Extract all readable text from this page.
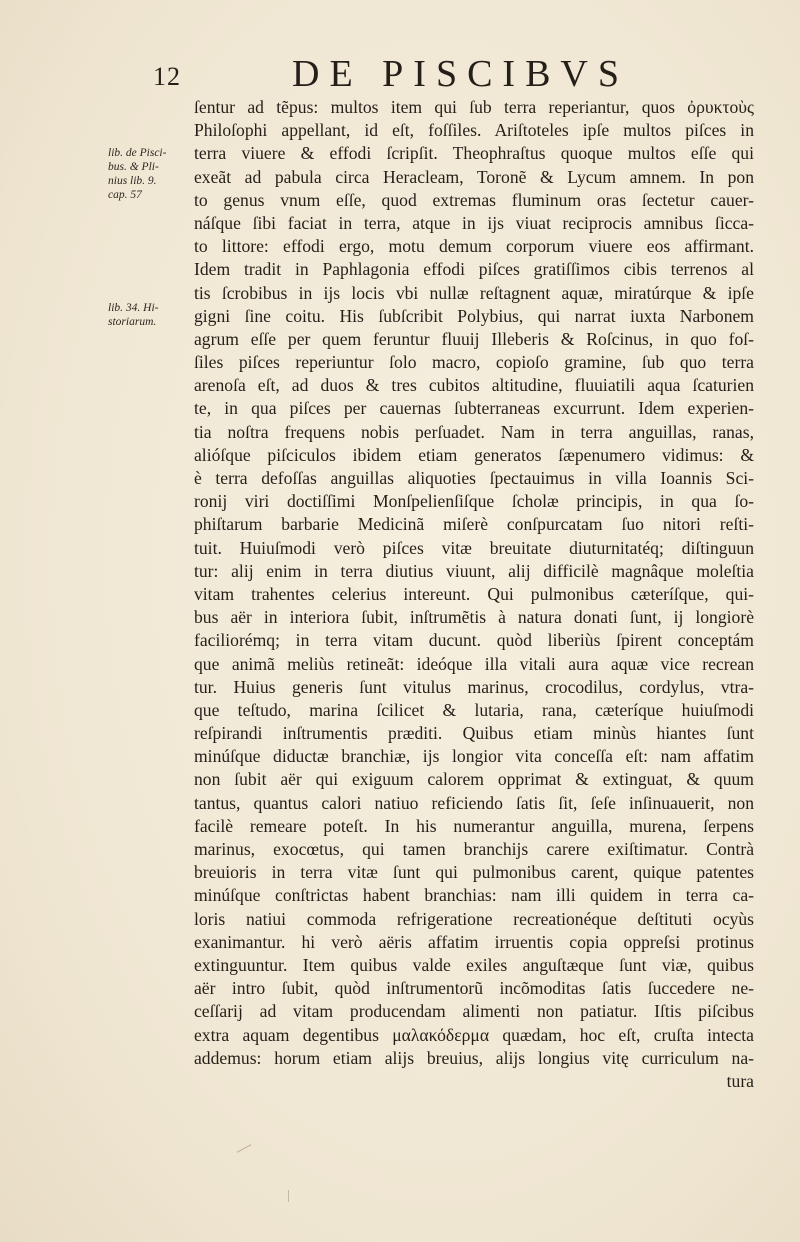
12	DE PISCIBVS
lib. de Pisci-
bus. & Pli-
nius lib. 9.
cap. 57
lib. 34. Hi-
storiarum.
ſentur ad tẽpus: multos item qui ſub terra reperiantur, quos ὀρυκτοὺς
Philoſophi appellant, id eſt, foſſiles. Ariſtoteles ipſe multos piſces in
terra viuere & effodi ſcripſit. Theophraſtus quoque multos eſſe qui
exeãt ad pabula circa Heracleam, Toronẽ & Lycum amnem. In pon
to genus vnum eſſe, quod extremas fluminum oras ſectetur cauer-
náſque ſibi faciat in terra, atque in ijs viuat reciprocis amnibus ſicca-
to littore: effodi ergo, motu demum corporum viuere eos affirmant.
Idem tradit in Paphlagonia effodi piſces gratiſſimos cibis terrenos al
tis ſcrobibus in ijs locis vbi nullæ reſtagnent aquæ, miratúrque & ipſe
gigni ſine coitu. His ſubſcribit Polybius, qui narrat iuxta Narbonem
agrum eſſe per quem feruntur fluuij Illeberis & Roſcinus, in quo foſ-
ſiles piſces reperiuntur ſolo macro, copioſo gramine, ſub quo terra
arenoſa eſt, ad duos & tres cubitos altitudine, fluuiatili aqua ſcaturien
te, in qua piſces per cauernas ſubterraneas excurrunt. Idem experien-
tia noſtra frequens nobis perſuadet. Nam in terra anguillas, ranas,
alióſque piſciculos ibidem etiam generatos ſæpenumero vidimus: &
è terra defoſſas anguillas aliquoties ſpectauimus in villa Ioannis Sci-
ronij viri doctiſſimi Monſpelienſiſque ſcholæ principis, in qua ſo-
phiſtarum barbarie Medicinã miſerè conſpurcatam ſuo nitori reſti-
tuit. Huiuſmodi verò piſces vitæ breuitate diuturnitatéq; diſtinguun
tur: alij enim in terra diutius viuunt, alij difficilè magnâque moleſtia
vitam trahentes celerius intereunt. Qui pulmonibus cæteríſque, qui-
bus aër in interiora ſubit, inſtrumẽtis à natura donati ſunt, ij longiorè
faciliorémq; in terra vitam ducunt. quòd liberiùs ſpirent conceptám
que animã meliùs retineãt: ideóque illa vitali aura aquæ vice recrean
tur. Huius generis ſunt vitulus marinus, crocodilus, cordylus, vtra-
que teſtudo, marina ſcilicet & lutaria, rana, cæteríque huiuſmodi
reſpirandi inſtrumentis præditi. Quibus etiam minùs hiantes ſunt
minúſque diductæ branchiæ, ijs longior vita conceſſa eſt: nam affatim
non ſubit aër qui exiguum calorem opprimat & extinguat, & quum
tantus, quantus calori natiuo reficiendo ſatis ſit, ſeſe inſinuauerit, non
facilè remeare poteſt. In his numerantur anguilla, murena, ſerpens
marinus, exocœtus, qui tamen branchijs carere exiſtimatur. Contrà
breuioris in terra vitæ ſunt qui pulmonibus carent, quique patentes
minúſque conſtrictas habent branchias: nam illi quidem in terra ca-
loris natiui commoda refrigeratione recreationéque deſtituti ocyùs
exanimantur. hi verò aëris affatim irruentis copia oppreſsi protinus
extinguuntur. Item quibus valde exiles anguſtæque ſunt viæ, quibus
aër intro ſubit, quòd inſtrumentorũ incõmoditas ſatis ſuccedere ne-
ceſſarij ad vitam producendam alimenti non patiatur. Iſtis piſcibus
extra aquam degentibus μαλακόδερμα quædam, hoc eſt, cruſta intecta
addemus: horum etiam alijs breuius, alijs longius vitę curriculum na-
tura
